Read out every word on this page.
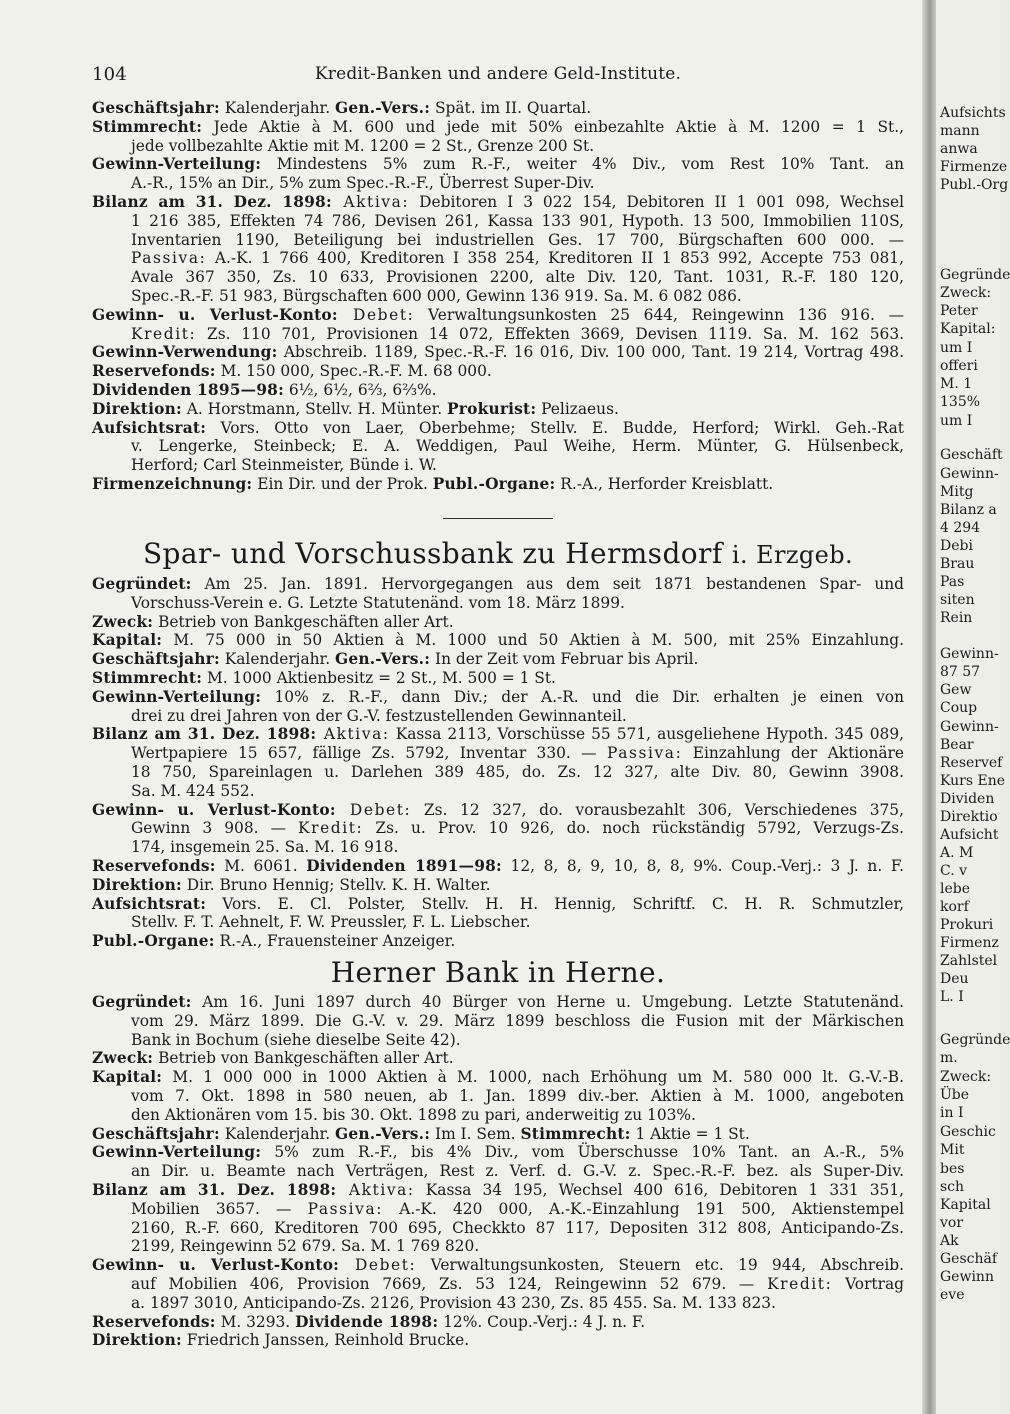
104	Kredit-Banken und andere Geld-Institute.
Geschäftsjahr: Kalenderjahr. Gen.-Vers.: Spät. im II. Quartal.
Stimmrecht: Jede Aktie à M. 600 und jede mit 50% einbezahlte Aktie à M. 1200 = 1 St.,
jede vollbezahlte Aktie mit M. 1200 = 2 St., Grenze 200 St.
Gewinn-Verteilung: Mindestens 5% zum R.-F., weiter 4% Div., vom Rest 10% Tant. an
A.-R., 15% an Dir., 5% zum Spec.-R.-F., Überrest Super-Div.
Bilanz am 31. Dez. 1898: Aktiva: Debitoren I 3 022 154, Debitoren II 1 001 098, Wechsel
1 216 385, Effekten 74 786, Devisen 261, Kassa 133 901, Hypoth. 13 500, Immobilien 110S,
Inventarien 1190, Beteiligung bei industriellen Ges. 17 700, Bürgschaften 600 000. —
Passiva: A.-K. 1 766 400, Kreditoren I 358 254, Kreditoren II 1 853 992, Accepte 753 081,
Avale 367 350, Zs. 10 633, Provisionen 2200, alte Div. 120, Tant. 1031, R.-F. 180 120,
Spec.-R.-F. 51 983, Bürgschaften 600 000, Gewinn 136 919. Sa. M. 6 082 086.
Gewinn- u. Verlust-Konto: Debet: Verwaltungsunkosten 25 644, Reingewinn 136 916. —
Kredit: Zs. 110 701, Provisionen 14 072, Effekten 3669, Devisen 1119. Sa. M. 162 563.
Gewinn-Verwendung: Abschreib. 1189, Spec.-R.-F. 16 016, Div. 100 000, Tant. 19 214, Vortrag 498.
Reservefonds: M. 150 000, Spec.-R.-F. M. 68 000.
Dividenden 1895—98: 6½, 6½, 6⅔, 6⅔%.
Direktion: A. Horstmann, Stellv. H. Münter. Prokurist: Pelizaeus.
Aufsichtsrat: Vors. Otto von Laer, Oberbehme; Stellv. E. Budde, Herford; Wirkl. Geh.-Rat
v. Lengerke, Steinbeck; E. A. Weddigen, Paul Weihe, Herm. Münter, G. Hülsenbeck,
Herford; Carl Steinmeister, Bünde i. W.
Firmenzeichnung: Ein Dir. und der Prok. Publ.-Organe: R.-A., Herforder Kreisblatt.
Spar- und Vorschussbank zu Hermsdorf i. Erzgeb.
Gegründet: Am 25. Jan. 1891. Hervorgegangen aus dem seit 1871 bestandenen Spar- und
Vorschuss-Verein e. G. Letzte Statutenänd. vom 18. März 1899.
Zweck: Betrieb von Bankgeschäften aller Art.
Kapital: M. 75 000 in 50 Aktien à M. 1000 und 50 Aktien à M. 500, mit 25% Einzahlung.
Geschäftsjahr: Kalenderjahr. Gen.-Vers.: In der Zeit vom Februar bis April.
Stimmrecht: M. 1000 Aktienbesitz = 2 St., M. 500 = 1 St.
Gewinn-Verteilung: 10% z. R.-F., dann Div.; der A.-R. und die Dir. erhalten je einen von
drei zu drei Jahren von der G.-V. festzustellenden Gewinnanteil.
Bilanz am 31. Dez. 1898: Aktiva: Kassa 2113, Vorschüsse 55 571, ausgeliehene Hypoth. 345 089,
Wertpapiere 15 657, fällige Zs. 5792, Inventar 330. — Passiva: Einzahlung der Aktionäre
18 750, Spareinlagen u. Darlehen 389 485, do. Zs. 12 327, alte Div. 80, Gewinn 3908.
Sa. M. 424 552.
Gewinn- u. Verlust-Konto: Debet: Zs. 12 327, do. vorausbezahlt 306, Verschiedenes 375,
Gewinn 3 908. — Kredit: Zs. u. Prov. 10 926, do. noch rückständig 5792, Verzugs-Zs.
174, insgemein 25. Sa. M. 16 918.
Reservefonds: M. 6061. Dividenden 1891—98: 12, 8, 8, 9, 10, 8, 8, 9%. Coup.-Verj.: 3 J. n. F.
Direktion: Dir. Bruno Hennig; Stellv. K. H. Walter.
Aufsichtsrat: Vors. E. Cl. Polster, Stellv. H. H. Hennig, Schriftf. C. H. R. Schmutzler,
Stellv. F. T. Aehnelt, F. W. Preussler, F. L. Liebscher.
Publ.-Organe: R.-A., Frauensteiner Anzeiger.
Herner Bank in Herne.
Gegründet: Am 16. Juni 1897 durch 40 Bürger von Herne u. Umgebung. Letzte Statutenänd.
vom 29. März 1899. Die G.-V. v. 29. März 1899 beschloss die Fusion mit der Märkischen
Bank in Bochum (siehe dieselbe Seite 42).
Zweck: Betrieb von Bankgeschäften aller Art.
Kapital: M. 1 000 000 in 1000 Aktien à M. 1000, nach Erhöhung um M. 580 000 lt. G.-V.-B.
vom 7. Okt. 1898 in 580 neuen, ab 1. Jan. 1899 div.-ber. Aktien à M. 1000, angeboten
den Aktionären vom 15. bis 30. Okt. 1898 zu pari, anderweitig zu 103%.
Geschäftsjahr: Kalenderjahr. Gen.-Vers.: Im I. Sem. Stimmrecht: 1 Aktie = 1 St.
Gewinn-Verteilung: 5% zum R.-F., bis 4% Div., vom Überschusse 10% Tant. an A.-R., 5%
an Dir. u. Beamte nach Verträgen, Rest z. Verf. d. G.-V. z. Spec.-R.-F. bez. als Super-Div.
Bilanz am 31. Dez. 1898: Aktiva: Kassa 34 195, Wechsel 400 616, Debitoren 1 331 351,
Mobilien 3657. — Passiva: A.-K. 420 000, A.-K.-Einzahlung 191 500, Aktienstempel
2160, R.-F. 660, Kreditoren 700 695, Checkkto 87 117, Depositen 312 808, Anticipando-Zs.
2199, Reingewinn 52 679. Sa. M. 1 769 820.
Gewinn- u. Verlust-Konto: Debet: Verwaltungsunkosten, Steuern etc. 19 944, Abschreib.
auf Mobilien 406, Provision 7669, Zs. 53 124, Reingewinn 52 679. — Kredit: Vortrag
a. 1897 3010, Anticipando-Zs. 2126, Provision 43 230, Zs. 85 455. Sa. M. 133 823.
Reservefonds: M. 3293. Dividende 1898: 12%. Coup.-Verj.: 4 J. n. F.
Direktion: Friedrich Janssen, Reinhold Brucke.
Aufsichts
mann
anwa
Firmenze
Publ.-Org
Gegründe
Zweck:
Peter
Kapital:
um I
offeri
M. 1
135%
um I
Geschäft
Gewinn-
Mitg
Bilanz a
4 294
Debi
Brau
Pas
siten
Rein
Gewinn-
87 57
Gew
Coup
Gewinn-
Bear
Reservef
Kurs Ene
Dividen
Direktio
Aufsicht
A. M
C. v
lebe
korf
Prokuri
Firmenz
Zahlstel
Deu
L. I
Gegründe
m.
Zweck:
Übe
in I
Geschic
Mit
bes
sch
Kapital
vor
Ak
Geschäf
Gewinn
eve
